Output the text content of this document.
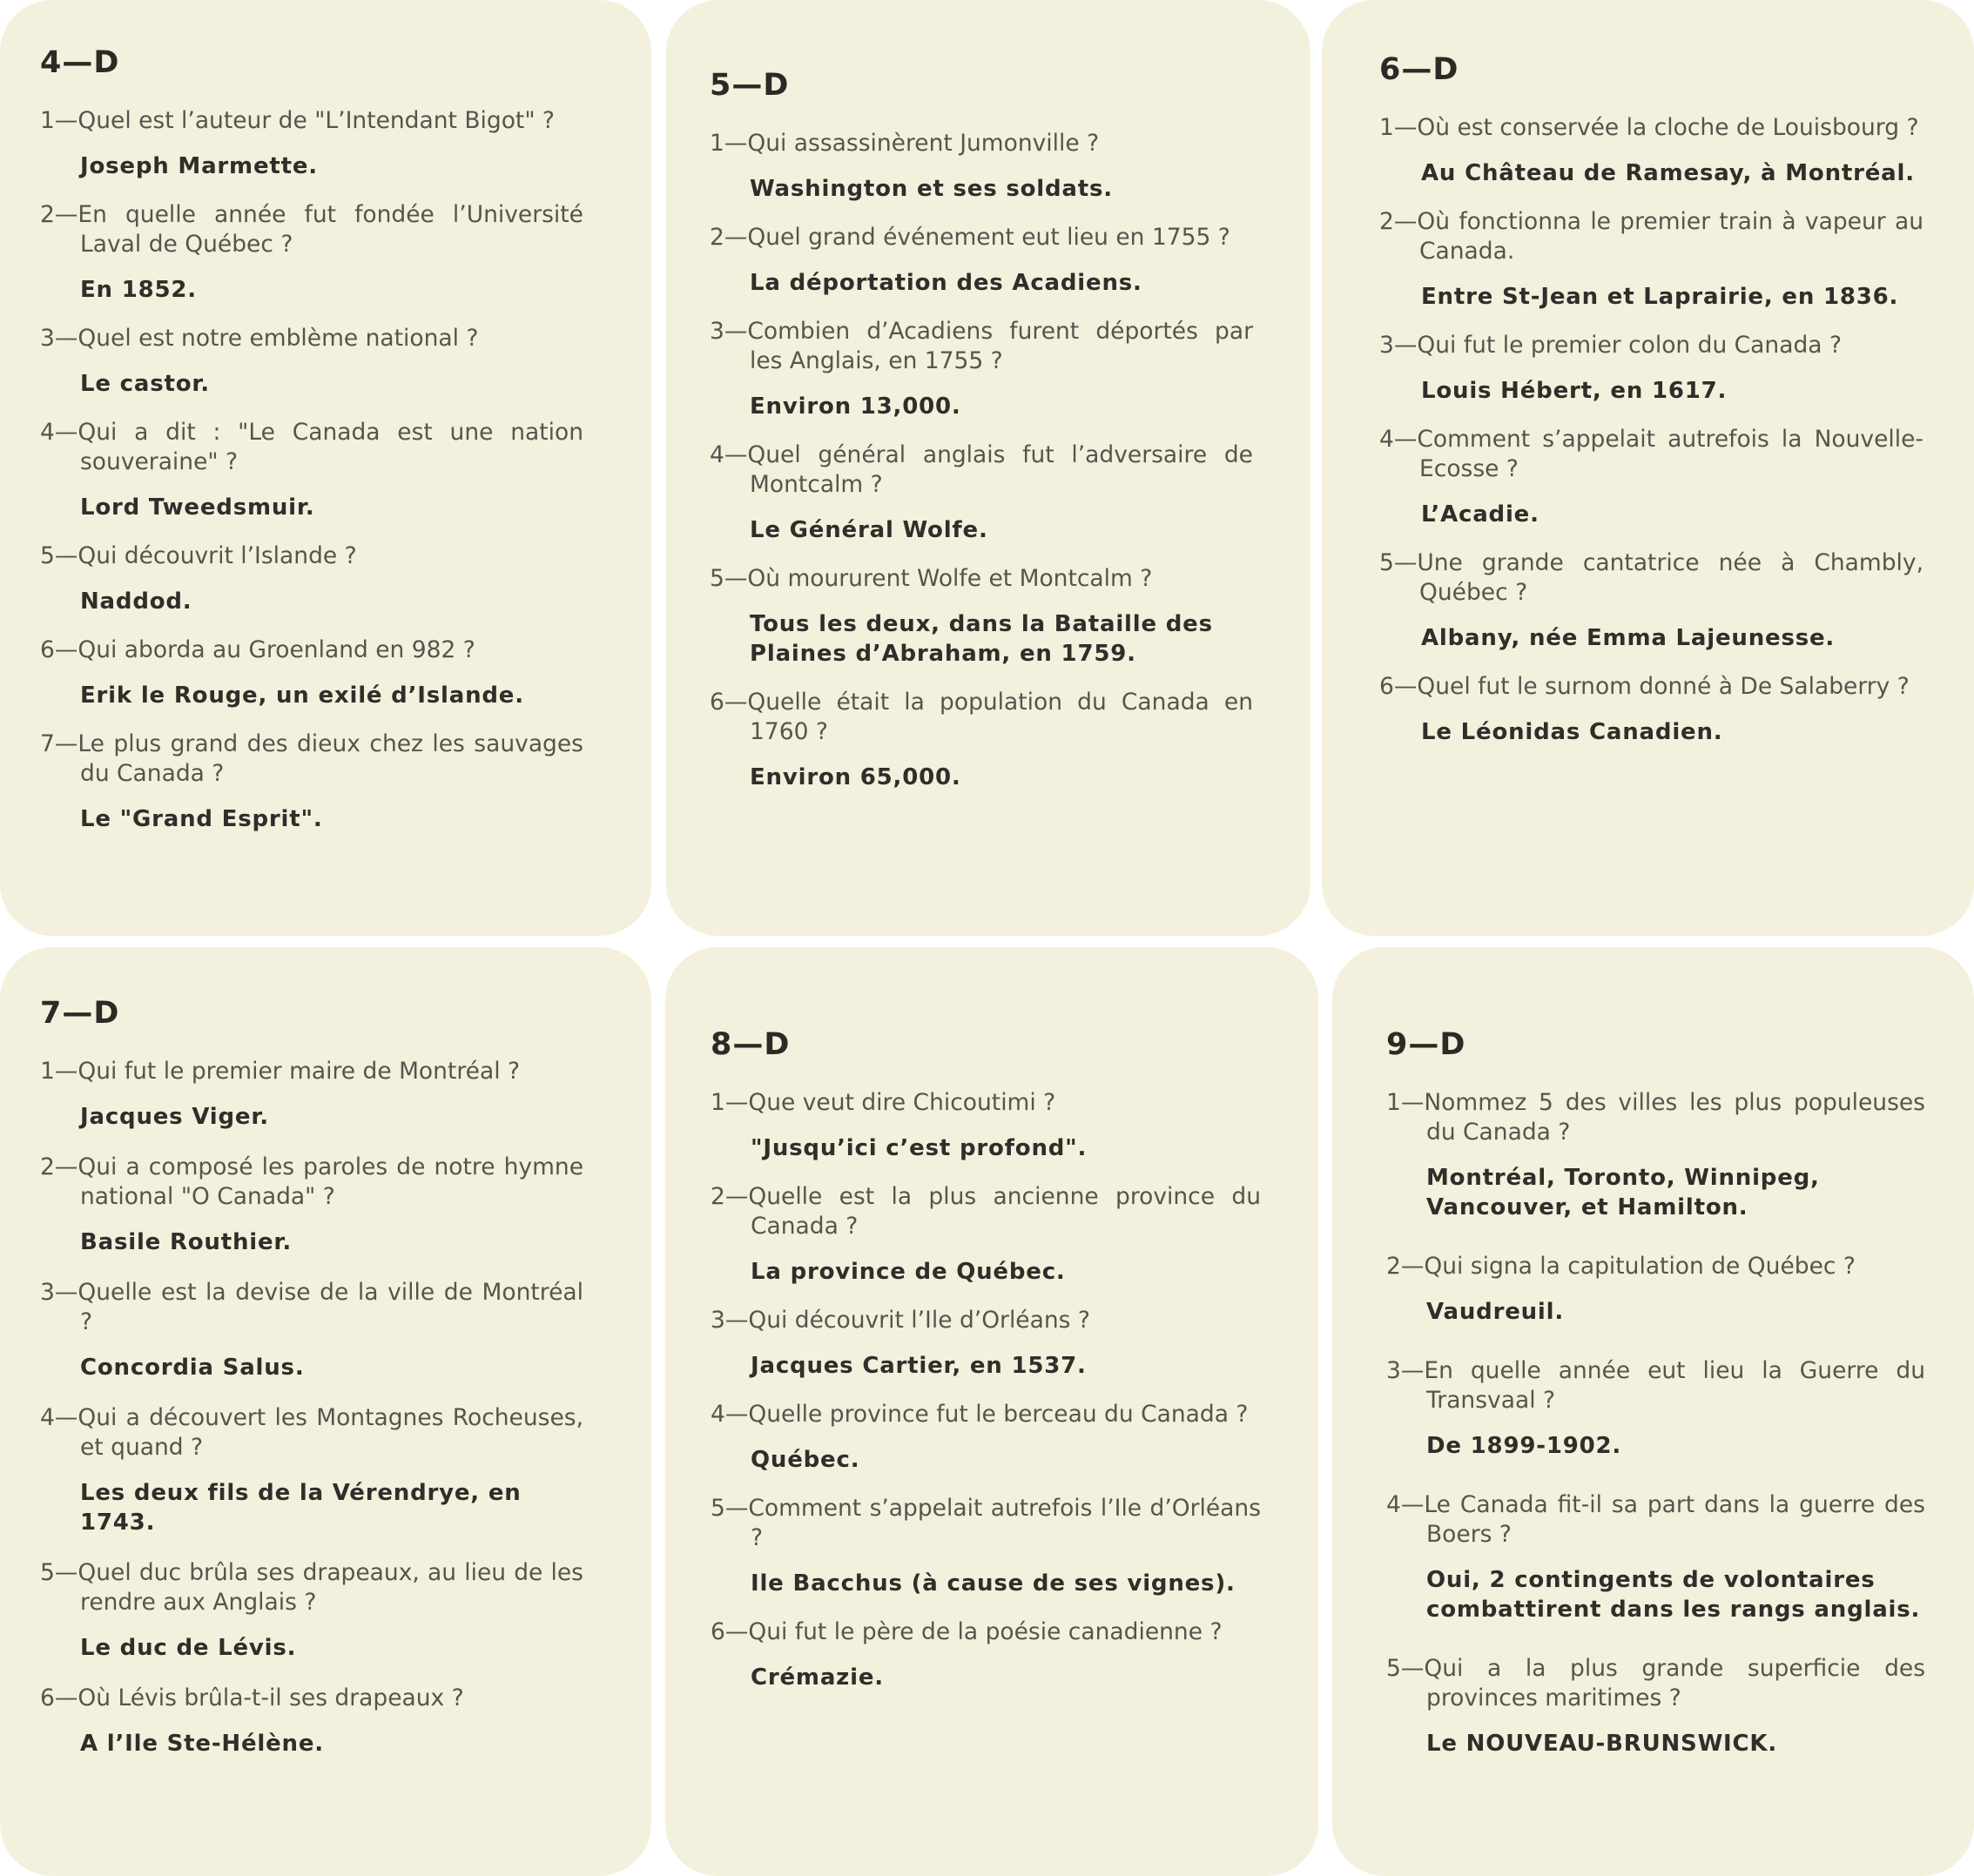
4—D
1—Quel est l’auteur de "L’Intendant Bigot" ?
Joseph Marmette.
2—En quelle année fut fondée l’Université Laval de Québec ?
En 1852.
3—Quel est notre emblème national ?
Le castor.
4—Qui a dit : "Le Canada est une nation souveraine" ?
Lord Tweedsmuir.
5—Qui découvrit l’Islande ?
Naddod.
6—Qui aborda au Groenland en 982 ?
Erik le Rouge, un exilé d’Islande.
7—Le plus grand des dieux chez les sauvages du Canada ?
Le "Grand Esprit".
5—D
1—Qui assassinèrent Jumonville ?
Washington et ses soldats.
2—Quel grand événement eut lieu en 1755 ?
La déportation des Acadiens.
3—Combien d’Acadiens furent déportés par les Anglais, en 1755 ?
Environ 13,000.
4—Quel général anglais fut l’adversaire de Montcalm ?
Le Général Wolfe.
5—Où moururent Wolfe et Montcalm ?
Tous les deux, dans la Bataille des Plaines d’Abraham, en 1759.
6—Quelle était la population du Canada en 1760 ?
Environ 65,000.
6—D
1—Où est conservée la cloche de Louisbourg ?
Au Château de Ramesay, à Montréal.
2—Où fonctionna le premier train à vapeur au Canada.
Entre St-Jean et Laprairie, en 1836.
3—Qui fut le premier colon du Canada ?
Louis Hébert, en 1617.
4—Comment s’appelait autrefois la Nouvelle-Ecosse ?
L’Acadie.
5—Une grande cantatrice née à Chambly, Québec ?
Albany, née Emma Lajeunesse.
6—Quel fut le surnom donné à De Salaberry ?
Le Léonidas Canadien.
7—D
1—Qui fut le premier maire de Montréal ?
Jacques Viger.
2—Qui a composé les paroles de notre hymne national "O Canada" ?
Basile Routhier.
3—Quelle est la devise de la ville de Montréal ?
Concordia Salus.
4—Qui a découvert les Montagnes Rocheuses, et quand ?
Les deux fils de la Vérendrye, en 1743.
5—Quel duc brûla ses drapeaux, au lieu de les rendre aux Anglais ?
Le duc de Lévis.
6—Où Lévis brûla-t-il ses drapeaux ?
A l’Ile Ste-Hélène.
8—D
1—Que veut dire Chicoutimi ?
"Jusqu’ici c’est profond".
2—Quelle est la plus ancienne province du Canada ?
La province de Québec.
3—Qui découvrit l’Ile d’Orléans ?
Jacques Cartier, en 1537.
4—Quelle province fut le berceau du Canada ?
Québec.
5—Comment s’appelait autrefois l’Ile d’Orléans ?
Ile Bacchus (à cause de ses vignes).
6—Qui fut le père de la poésie canadienne ?
Crémazie.
9—D
1—Nommez 5 des villes les plus populeuses du Canada ?
Montréal, Toronto, Winnipeg, Vancouver, et Hamilton.
2—Qui signa la capitulation de Québec ?
Vaudreuil.
3—En quelle année eut lieu la Guerre du Transvaal ?
De 1899-1902.
4—Le Canada fit-il sa part dans la guerre des Boers ?
Oui, 2 contingents de volontaires combattirent dans les rangs anglais.
5—Qui a la plus grande superficie des provinces maritimes ?
Le NOUVEAU-BRUNSWICK.
